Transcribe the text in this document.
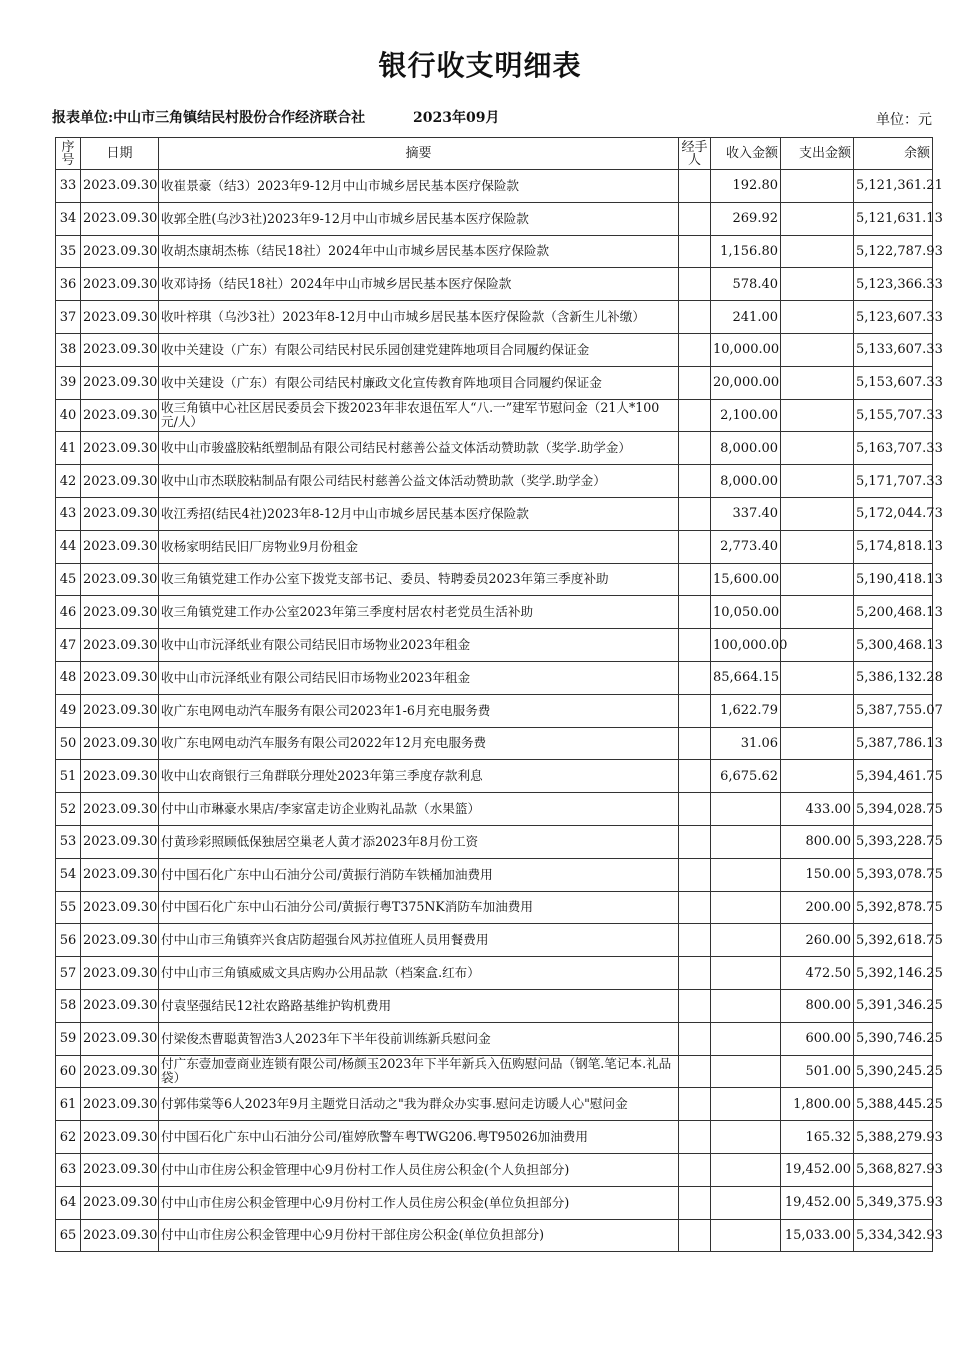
银行收支明细表
报表单位:中山市三角镇结民村股份合作经济联合社	2023年09月	单位：元
序号	日期	摘要	经手人	收入金额	支出金额	余额
33	2023.09.30	收崔景豪（结3）2023年9-12月中山市城乡居民基本医疗保险款		192.80		5,121,361.21
34	2023.09.30	收郭全胜(乌沙3社)2023年9-12月中山市城乡居民基本医疗保险款		269.92		5,121,631.13
35	2023.09.30	收胡杰康胡杰栋（结民18社）2024年中山市城乡居民基本医疗保险款		1,156.80		5,122,787.93
36	2023.09.30	收邓诗扬（结民18社）2024年中山市城乡居民基本医疗保险款		578.40		5,123,366.33
37	2023.09.30	收叶梓琪（乌沙3社）2023年8-12月中山市城乡居民基本医疗保险款（含新生儿补缴）		241.00		5,123,607.33
38	2023.09.30	收中关建设（广东）有限公司结民村民乐园创建党建阵地项目合同履约保证金		10,000.00		5,133,607.33
39	2023.09.30	收中关建设（广东）有限公司结民村廉政文化宣传教育阵地项目合同履约保证金		20,000.00		5,153,607.33
40	2023.09.30	收三角镇中心社区居民委员会下拨2023年非农退伍军人“八.一”建军节慰问金（21人*100元/人）		2,100.00		5,155,707.33
41	2023.09.30	收中山市骏盛胶粘纸塑制品有限公司结民村慈善公益文体活动赞助款（奖学.助学金）		8,000.00		5,163,707.33
42	2023.09.30	收中山市杰联胶粘制品有限公司结民村慈善公益文体活动赞助款（奖学.助学金）		8,000.00		5,171,707.33
43	2023.09.30	收江秀招(结民4社)2023年8-12月中山市城乡居民基本医疗保险款		337.40		5,172,044.73
44	2023.09.30	收杨家明结民旧厂房物业9月份租金		2,773.40		5,174,818.13
45	2023.09.30	收三角镇党建工作办公室下拨党支部书记、委员、特聘委员2023年第三季度补助		15,600.00		5,190,418.13
46	2023.09.30	收三角镇党建工作办公室2023年第三季度村居农村老党员生活补助		10,050.00		5,200,468.13
47	2023.09.30	收中山市沅泽纸业有限公司结民旧市场物业2023年租金		100,000.00		5,300,468.13
48	2023.09.30	收中山市沅泽纸业有限公司结民旧市场物业2023年租金		85,664.15		5,386,132.28
49	2023.09.30	收广东电网电动汽车服务有限公司2023年1-6月充电服务费		1,622.79		5,387,755.07
50	2023.09.30	收广东电网电动汽车服务有限公司2022年12月充电服务费		31.06		5,387,786.13
51	2023.09.30	收中山农商银行三角群联分理处2023年第三季度存款利息		6,675.62		5,394,461.75
52	2023.09.30	付中山市琳豪水果店/李家富走访企业购礼品款（水果篮）			433.00	5,394,028.75
53	2023.09.30	付黄珍彩照顾低保独居空巢老人黄才添2023年8月份工资			800.00	5,393,228.75
54	2023.09.30	付中国石化广东中山石油分公司/黄振行消防车铁桶加油费用			150.00	5,393,078.75
55	2023.09.30	付中国石化广东中山石油分公司/黄振行粤T375NK消防车加油费用			200.00	5,392,878.75
56	2023.09.30	付中山市三角镇弈兴食店防超强台风苏拉值班人员用餐费用			260.00	5,392,618.75
57	2023.09.30	付中山市三角镇威威文具店购办公用品款（档案盒.红布）			472.50	5,392,146.25
58	2023.09.30	付袁坚强结民12社农路路基维护钩机费用			800.00	5,391,346.25
59	2023.09.30	付梁俊杰曹聪黄智浩3人2023年下半年役前训练新兵慰问金			600.00	5,390,746.25
60	2023.09.30	付广东壹加壹商业连锁有限公司/杨颜玉2023年下半年新兵入伍购慰问品（钢笔.笔记本.礼品袋）			501.00	5,390,245.25
61	2023.09.30	付郭伟棠等6人2023年9月主题党日活动之"我为群众办实事.慰问走访暖人心"慰问金			1,800.00	5,388,445.25
62	2023.09.30	付中国石化广东中山石油分公司/崔婷欣警车粤TWG206.粤T95026加油费用			165.32	5,388,279.93
63	2023.09.30	付中山市住房公积金管理中心9月份村工作人员住房公积金(个人负担部分)			19,452.00	5,368,827.93
64	2023.09.30	付中山市住房公积金管理中心9月份村工作人员住房公积金(单位负担部分)			19,452.00	5,349,375.93
65	2023.09.30	付中山市住房公积金管理中心9月份村干部住房公积金(单位负担部分)			15,033.00	5,334,342.93
